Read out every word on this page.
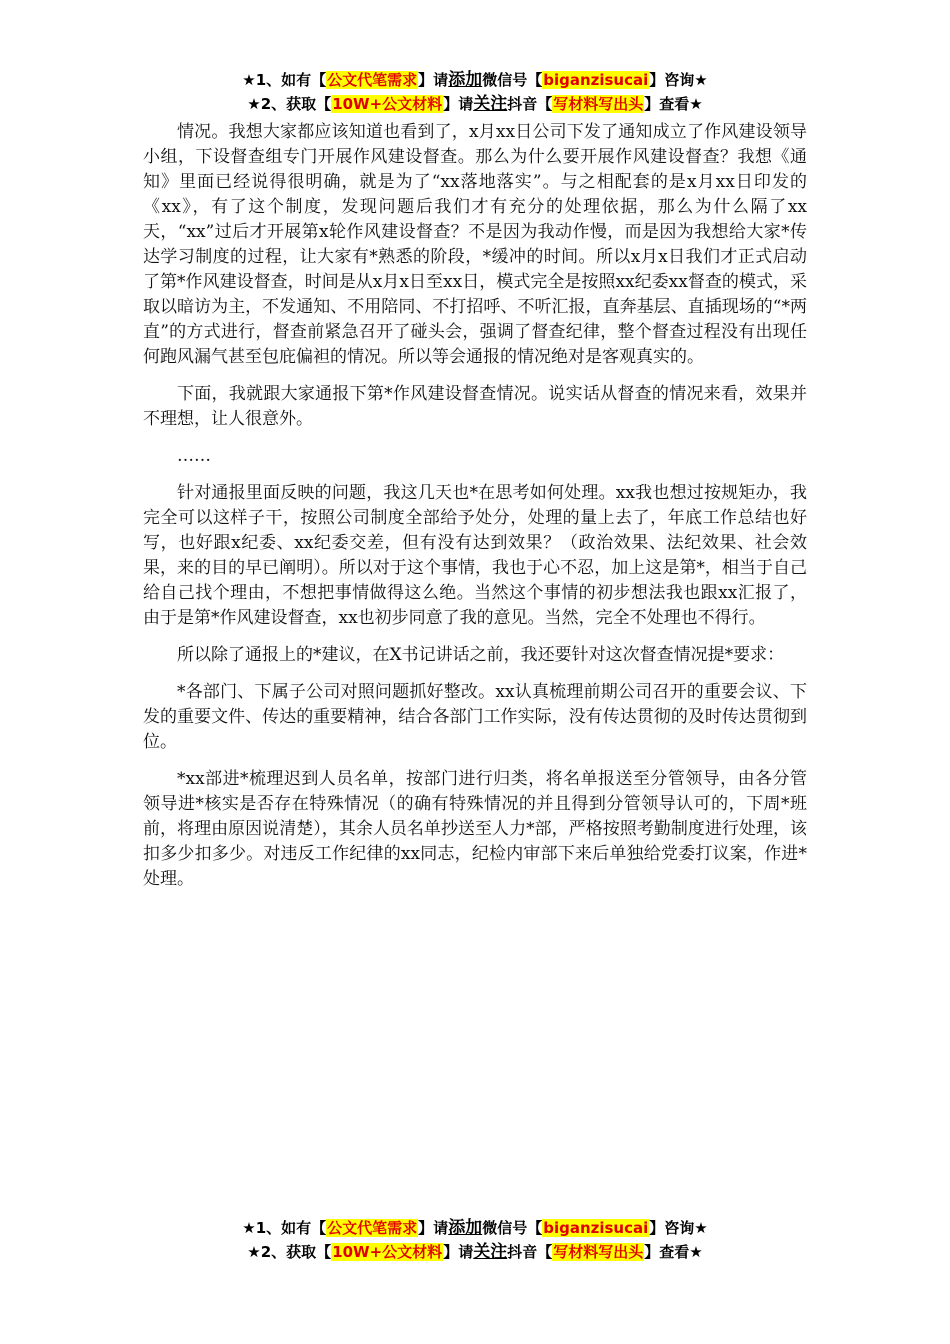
★1、如有【公文代笔需求】请添加微信号【biganzisucai】咨询★
★2、获取【10W+公文材料】请关注抖音【写材料写出头】查看★

情况。我想大家都应该知道也看到了，x月xx日公司下发了通知成立了作风建设领导小组，下设督查组专门开展作风建设督查。那么为什么要开展作风建设督查？我想《通知》里面已经说得很明确，就是为了“xx落地落实”。与之相配套的是x月xx日印发的《xx》，有了这个制度，发现问题后我们才有充分的处理依据，那么为什么隔了xx天，“xx”过后才开展第x轮作风建设督查？不是因为我动作慢，而是因为我想给大家*传达学习制度的过程，让大家有*熟悉的阶段，*缓冲的时间。所以x月x日我们才正式启动了第*作风建设督查，时间是从x月x日至xx日，模式完全是按照xx纪委xx督查的模式，采取以暗访为主，不发通知、不用陪同、不打招呼、不听汇报，直奔基层、直插现场的“*两直”的方式进行，督查前紧急召开了碰头会，强调了督查纪律，整个督查过程没有出现任何跑风漏气甚至包庇偏袒的情况。所以等会通报的情况绝对是客观真实的。

下面，我就跟大家通报下第*作风建设督查情况。说实话从督查的情况来看，效果并不理想，让人很意外。

……

针对通报里面反映的问题，我这几天也*在思考如何处理。xx我也想过按规矩办，我完全可以这样子干，按照公司制度全部给予处分，处理的量上去了，年底工作总结也好写，也好跟x纪委、xx纪委交差，但有没有达到效果？（政治效果、法纪效果、社会效果，来的目的早已阐明）。所以对于这个事情，我也于心不忍，加上这是第*，相当于自己给自己找个理由，不想把事情做得这么绝。当然这个事情的初步想法我也跟xx汇报了，由于是第*作风建设督查，xx也初步同意了我的意见。当然，完全不处理也不得行。

所以除了通报上的*建议，在X书记讲话之前，我还要针对这次督查情况提*要求：

*各部门、下属子公司对照问题抓好整改。xx认真梳理前期公司召开的重要会议、下发的重要文件、传达的重要精神，结合各部门工作实际，没有传达贯彻的及时传达贯彻到位。

*xx部进*梳理迟到人员名单，按部门进行归类，将名单报送至分管领导，由各分管领导进*核实是否存在特殊情况（的确有特殊情况的并且得到分管领导认可的，下周*班前，将理由原因说清楚），其余人员名单抄送至人力*部，严格按照考勤制度进行处理，该扣多少扣多少。对违反工作纪律的xx同志，纪检内审部下来后单独给党委打议案，作进*处理。

★1、如有【公文代笔需求】请添加微信号【biganzisucai】咨询★
★2、获取【10W+公文材料】请关注抖音【写材料写出头】查看★
